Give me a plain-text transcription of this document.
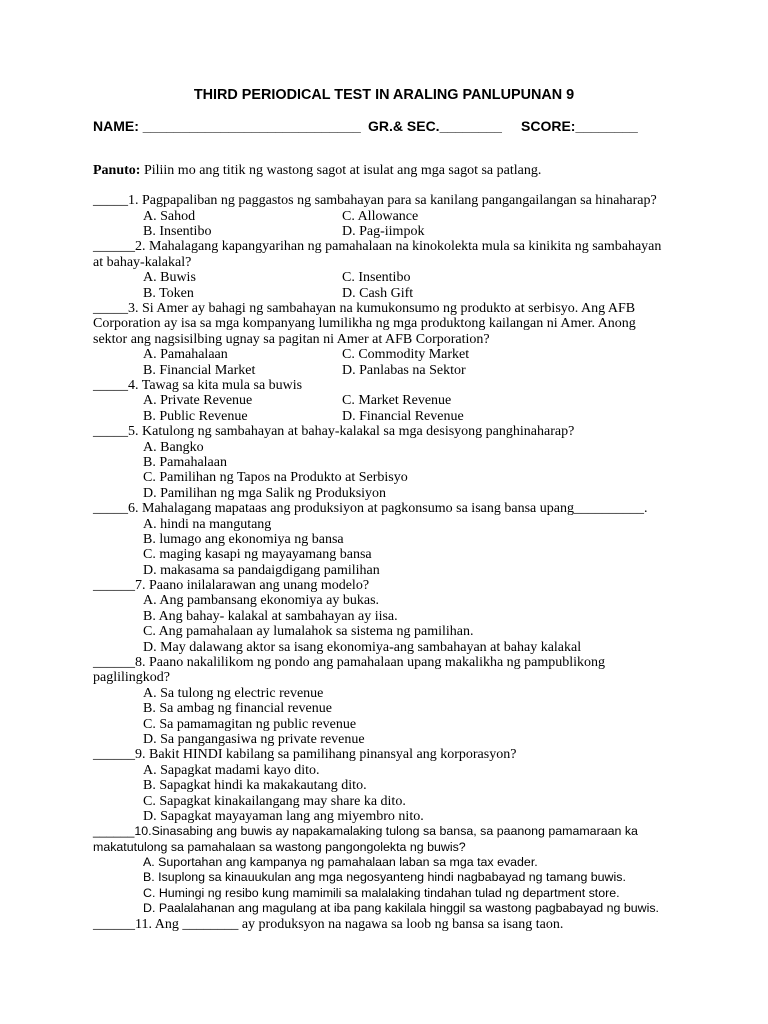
THIRD PERIODICAL TEST IN ARALING PANLUPUNAN 9
NAME: ____________________________ GR.& SEC.________ SCORE:________
Panuto: Piliin mo ang titik ng wastong sagot at isulat ang mga sagot sa patlang.
_____1. Pagpapaliban ng paggastos ng sambahayan para sa kanilang pangangailangan sa hinaharap?
A. Sahod
B. Insentibo
C. Allowance
D. Pag-iimpok
______2. Mahalagang kapangyarihan ng pamahalaan na kinokolekta mula sa kinikita ng sambahayan
at bahay-kalakal?
A. Buwis
B. Token
C. Insentibo
D. Cash Gift
_____3. Si Amer ay bahagi ng sambahayan na kumukonsumo ng produkto at serbisyo. Ang AFB
Corporation ay isa sa mga kompanyang lumilikha ng mga produktong kailangan ni Amer. Anong
sektor ang nagsisilbing ugnay sa pagitan ni Amer at AFB Corporation?
A. Pamahalaan
B. Financial Market
C. Commodity Market
D. Panlabas na Sektor
_____4. Tawag sa kita mula sa buwis
A. Private Revenue
B. Public Revenue
C. Market Revenue
D. Financial Revenue
_____5. Katulong ng sambahayan at bahay-kalakal sa mga desisyong panghinaharap?
A. Bangko
B. Pamahalaan
C. Pamilihan ng Tapos na Produkto at Serbisyo
D. Pamilihan ng mga Salik ng Produksiyon
_____6. Mahalagang mapataas ang produksiyon at pagkonsumo sa isang bansa upang__________.
A. hindi na mangutang
B. lumago ang ekonomiya ng bansa
C. maging kasapi ng mayayamang bansa
D. makasama sa pandaigdigang pamilihan
______7. Paano inilalarawan ang unang modelo?
A. Ang pambansang ekonomiya ay bukas.
B. Ang bahay- kalakal at sambahayan ay iisa.
C. Ang pamahalaan ay lumalahok sa sistema ng pamilihan.
D. May dalawang aktor sa isang ekonomiya-ang sambahayan at bahay kalakal
______8. Paano nakalilikom ng pondo ang pamahalaan upang makalikha ng pampublikong
paglilingkod?
A. Sa tulong ng electric revenue
B. Sa ambag ng financial revenue
C. Sa pamamagitan ng public revenue
D. Sa pangangasiwa ng private revenue
______9. Bakit HINDI kabilang sa pamilihang pinansyal ang korporasyon?
A. Sapagkat madami kayo dito.
B. Sapagkat hindi ka makakautang dito.
C. Sapagkat kinakailangang may share ka dito.
D. Sapagkat mayayaman lang ang miyembro nito.
______10.Sinasabing ang buwis ay napakamalaking tulong sa bansa, sa paanong pamamaraan ka
makatutulong sa pamahalaan sa wastong pangongolekta ng buwis?
A. Suportahan ang kampanya ng pamahalaan laban sa mga tax evader.
B. Isuplong sa kinauukulan ang mga negosyanteng hindi nagbabayad ng tamang buwis.
C. Humingi ng resibo kung mamimili sa malalaking tindahan tulad ng department store.
D. Paalalahanan ang magulang at iba pang kakilala hinggil sa wastong pagbabayad ng buwis.
______11. Ang ________ ay produksyon na nagawa sa loob ng bansa sa isang taon.
